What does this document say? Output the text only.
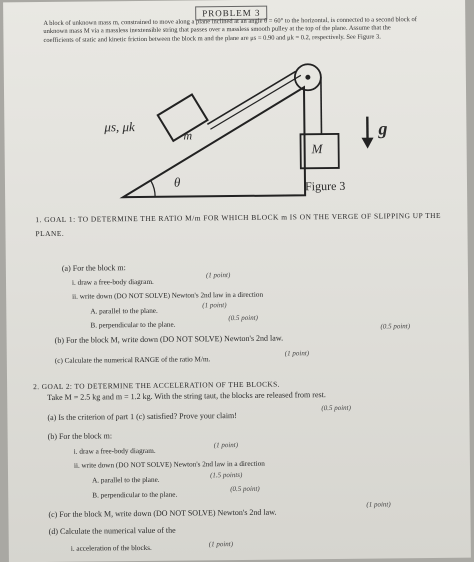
PROBLEM 3
A block of unknown mass m, constrained to move along a plane inclined at an angle θ = 60° to the horizontal, is connected to a second block of unknown mass M via a massless inextensible string that passes over a massless smooth pulley at the top of the plane. Assume that the coefficients of static and kinetic friction between the block m and the plane are μs = 0.90 and μk = 0.2, respectively. See Figure 3.
μs, μk
m
M
θ
g
Figure 3
1. GOAL 1: TO DETERMINE THE RATIO M/m FOR WHICH BLOCK m IS ON THE VERGE OF SLIPPING UP THE PLANE.
(a) For the block m:
i. draw a free-body diagram.
(1 point)
ii. write down (DO NOT SOLVE) Newton's 2nd law in a direction
A. parallel to the plane.
(1 point)
B. perpendicular to the plane.
(0.5 point)
(b) For the block M, write down (DO NOT SOLVE) Newton's 2nd law.
(0.5 point)
(c) Calculate the numerical RANGE of the ratio M/m.
(1 point)
2. GOAL 2: TO DETERMINE THE ACCELERATION OF THE BLOCKS.
Take M = 2.5 kg and m = 1.2 kg. With the string taut, the blocks are released from rest.
(a) Is the criterion of part 1 (c) satisfied? Prove your claim!
(0.5 point)
(b) For the block m:
i. draw a free-body diagram.
(1 point)
ii. write down (DO NOT SOLVE) Newton's 2nd law in a direction
A. parallel to the plane.
(1.5 points)
B. perpendicular to the plane.
(0.5 point)
(c) For the block M, write down (DO NOT SOLVE) Newton's 2nd law.
(1 point)
(d) Calculate the numerical value of the
i. acceleration of the blocks.	(1 point)
